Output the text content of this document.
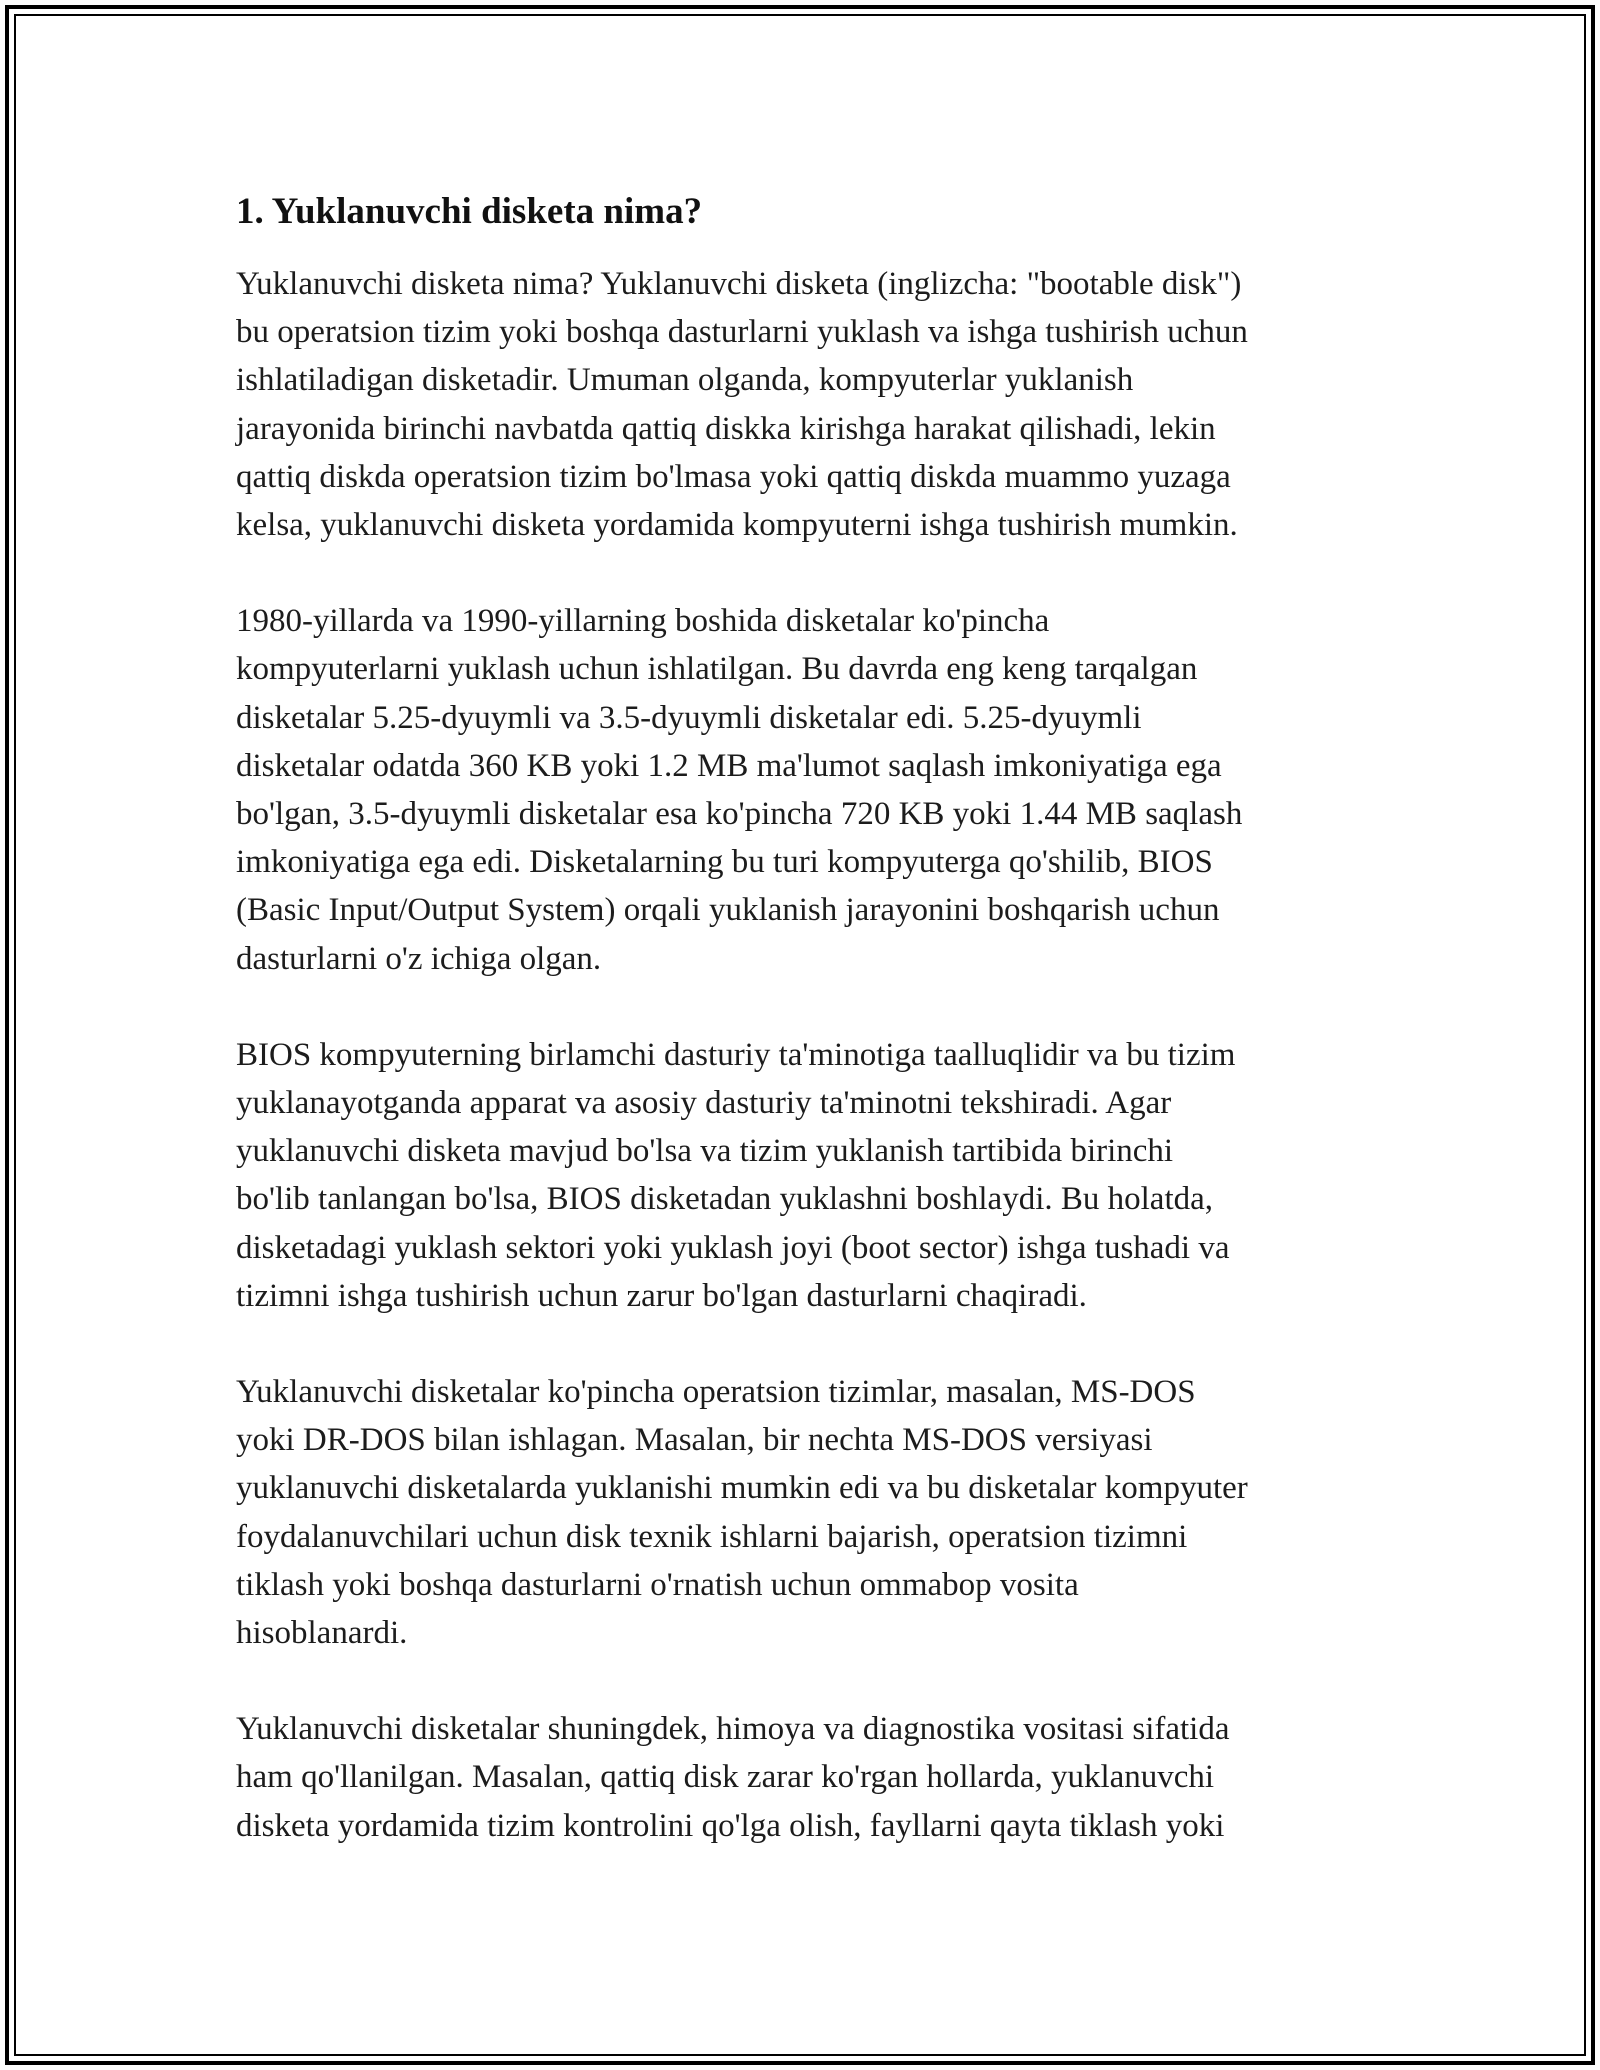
1. Yuklanuvchi disketa nima?

Yuklanuvchi disketa nima? Yuklanuvchi disketa (inglizcha: "bootable disk")
bu operatsion tizim yoki boshqa dasturlarni yuklash va ishga tushirish uchun
ishlatiladigan disketadir. Umuman olganda, kompyuterlar yuklanish
jarayonida birinchi navbatda qattiq diskka kirishga harakat qilishadi, lekin
qattiq diskda operatsion tizim bo'lmasa yoki qattiq diskda muammo yuzaga
kelsa, yuklanuvchi disketa yordamida kompyuterni ishga tushirish mumkin.

1980-yillarda va 1990-yillarning boshida disketalar ko'pincha
kompyuterlarni yuklash uchun ishlatilgan. Bu davrda eng keng tarqalgan
disketalar 5.25-dyuymli va 3.5-dyuymli disketalar edi. 5.25-dyuymli
disketalar odatda 360 KB yoki 1.2 MB ma'lumot saqlash imkoniyatiga ega
bo'lgan, 3.5-dyuymli disketalar esa ko'pincha 720 KB yoki 1.44 MB saqlash
imkoniyatiga ega edi. Disketalarning bu turi kompyuterga qo'shilib, BIOS
(Basic Input/Output System) orqali yuklanish jarayonini boshqarish uchun
dasturlarni o'z ichiga olgan.

BIOS kompyuterning birlamchi dasturiy ta'minotiga taalluqlidir va bu tizim
yuklanayotganda apparat va asosiy dasturiy ta'minotni tekshiradi. Agar
yuklanuvchi disketa mavjud bo'lsa va tizim yuklanish tartibida birinchi
bo'lib tanlangan bo'lsa, BIOS disketadan yuklashni boshlaydi. Bu holatda,
disketadagi yuklash sektori yoki yuklash joyi (boot sector) ishga tushadi va
tizimni ishga tushirish uchun zarur bo'lgan dasturlarni chaqiradi.

Yuklanuvchi disketalar ko'pincha operatsion tizimlar, masalan, MS-DOS
yoki DR-DOS bilan ishlagan. Masalan, bir nechta MS-DOS versiyasi
yuklanuvchi disketalarda yuklanishi mumkin edi va bu disketalar kompyuter
foydalanuvchilari uchun disk texnik ishlarni bajarish, operatsion tizimni
tiklash yoki boshqa dasturlarni o'rnatish uchun ommabop vosita
hisoblanardi.

Yuklanuvchi disketalar shuningdek, himoya va diagnostika vositasi sifatida
ham qo'llanilgan. Masalan, qattiq disk zarar ko'rgan hollarda, yuklanuvchi
disketa yordamida tizim kontrolini qo'lga olish, fayllarni qayta tiklash yoki
